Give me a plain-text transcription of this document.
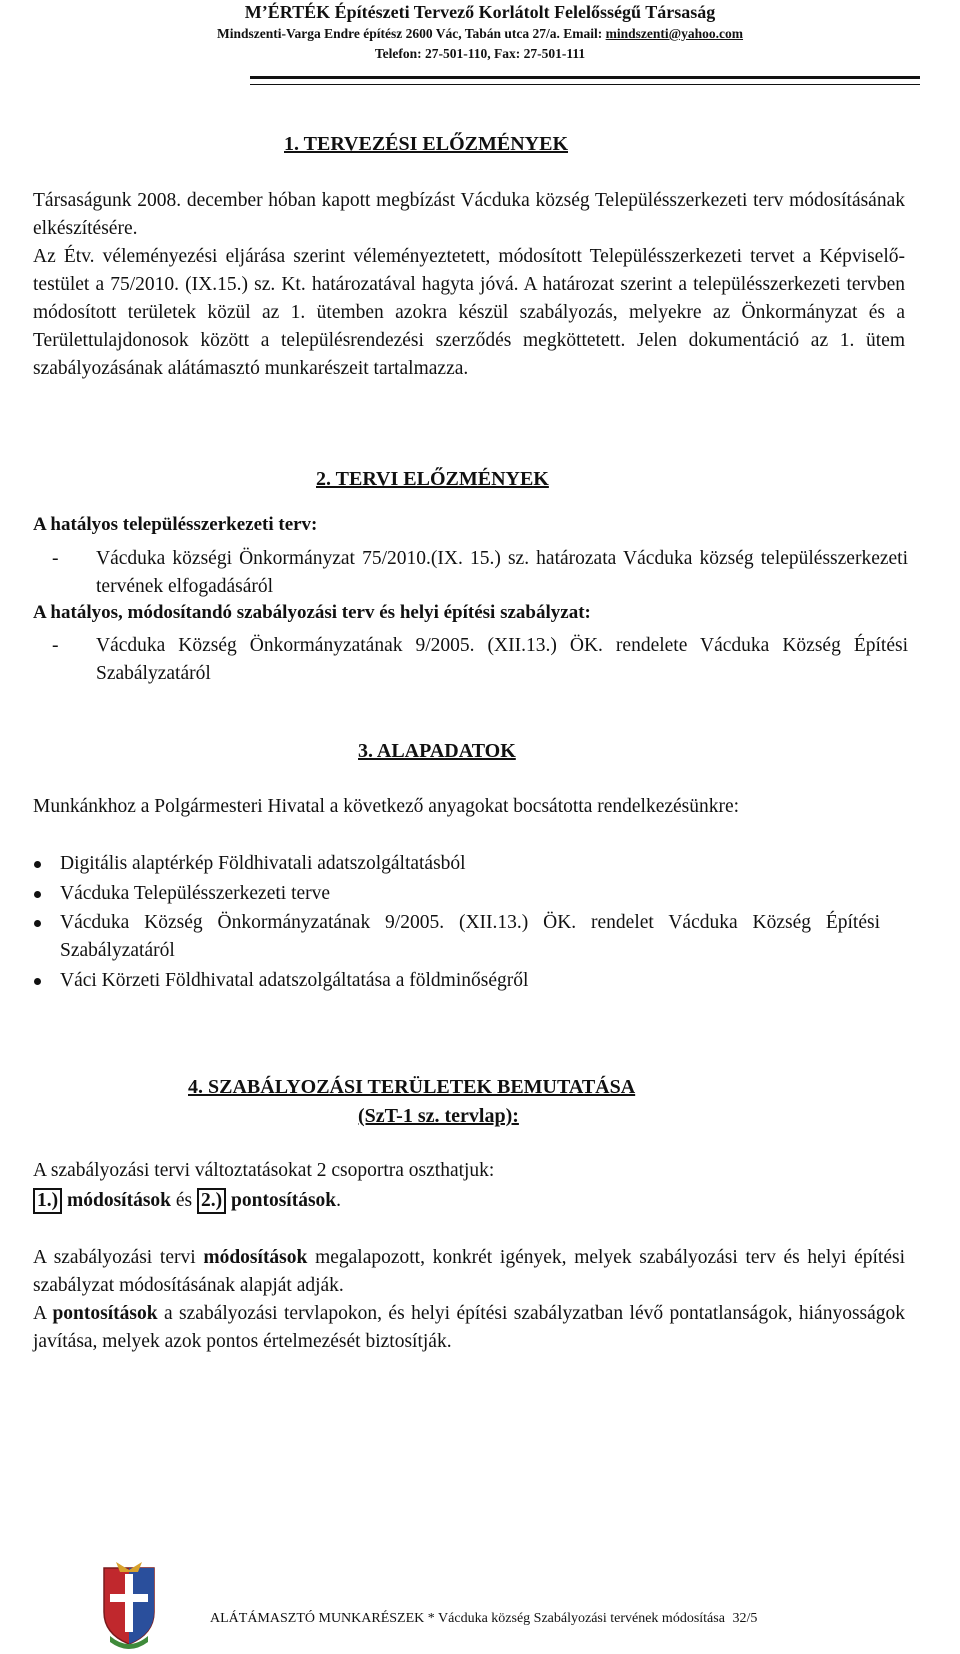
M’ÉRTÉK Építészeti Tervező Korlátolt Felelősségű Társaság
Mindszenti-Varga Endre építész 2600 Vác, Tabán utca 27/a. Email: mindszenti@yahoo.com
Telefon: 27-501-110, Fax: 27-501-111
1. TERVEZÉSI ELŐZMÉNYEK
Társaságunk 2008. december hóban kapott megbízást Vácduka község Településszerkezeti terv módosításának elkészítésére.
Az Étv. véleményezési eljárása szerint véleményeztetett, módosított Településszerkezeti tervet a Képviselő-testület a 75/2010. (IX.15.) sz. Kt. határozatával hagyta jóvá. A határozat szerint a településszerkezeti tervben módosított területek közül az 1. ütemben azokra készül szabályozás, melyekre az Önkormányzat és a Területtulajdonosok között a településrendezési szerződés megköttetett. Jelen dokumentáció az 1. ütem szabályozásának alátámasztó munkarészeit tartalmazza.
2. TERVI ELŐZMÉNYEK
A hatályos településszerkezeti terv:
- Vácduka községi Önkormányzat 75/2010.(IX. 15.) sz. határozata Vácduka község településszerkezeti tervének elfogadásáról
A hatályos, módosítandó szabályozási terv és helyi építési szabályzat:
- Vácduka Község Önkormányzatának 9/2005. (XII.13.) ÖK. rendelete Vácduka Község Építési Szabályzatáról
3. ALAPADATOK
Munkánkhoz a Polgármesteri Hivatal a következő anyagokat bocsátotta rendelkezésünkre:
Digitális alaptérkép Földhivatali adatszolgáltatásból
Vácduka Településszerkezeti terve
Vácduka Község Önkormányzatának 9/2005. (XII.13.) ÖK. rendelet Vácduka Község Építési Szabályzatáról
Váci Körzeti Földhivatal adatszolgáltatása a földminőségről
4. SZABÁLYOZÁSI TERÜLETEK BEMUTATÁSA
(SzT-1 sz. tervlap):
A szabályozási tervi változtatásokat 2 csoportra oszthatjuk:
1.) módosítások és 2.) pontosítások.
A szabályozási tervi módosítások megalapozott, konkrét igények, melyek szabályozási terv és helyi építési szabályzat módosításának alapját adják.
A pontosítások a szabályozási tervlapokon, és helyi építési szabályzatban lévő pontatlanságok, hiányosságok javítása, melyek azok pontos értelmezését biztosítják.
ALÁTÁMASZTÓ MUNKARÉSZEK * Vácduka község Szabályozási tervének módosítása 32/5
